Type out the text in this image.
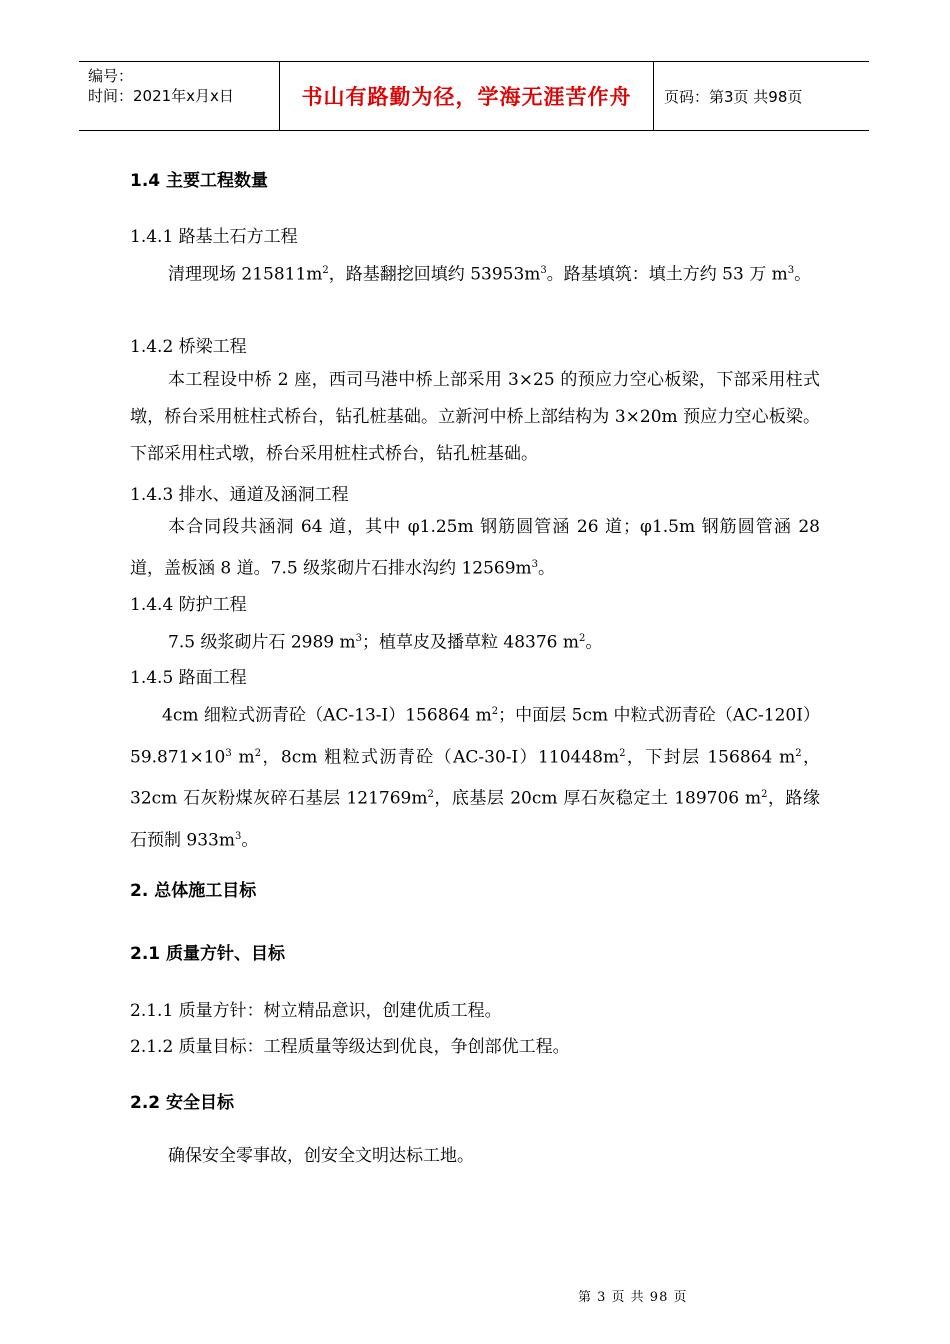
编号：
时间：2021年x月x日	书山有路勤为径，学海无涯苦作舟	页码：第3页 共98页
1.4 主要工程数量
1.4.1 路基土石方工程
清理现场 $215811m^2$，路基翻挖回填约 $53953m^3$。路基填筑：填土方约 53 万 $m^3$。
1.4.2 桥梁工程
本工程设中桥 2 座，西司马港中桥上部采用 3×25 的预应力空心板梁，下部采用柱式墩，桥台采用桩柱式桥台，钻孔桩基础。立新河中桥上部结构为 3×20m 预应力空心板梁。下部采用柱式墩，桥台采用桩柱式桥台，钻孔桩基础。
1.4.3 排水、通道及涵洞工程
本合同段共涵洞 64 道，其中 φ1.25m 钢筋圆管涵 26 道；φ1.5m 钢筋圆管涵 28 道，盖板涵 8 道。7.5 级浆砌片石排水沟约 $12569m^3$。
1.4.4 防护工程
7.5 级浆砌片石 2989 $m^3$；植草皮及播草粒 48376 $m^2$。
1.4.5 路面工程
4cm 细粒式沥青砼（AC-13-I）156864 $m^2$；中面层 5cm 中粒式沥青砼$(AC-120I)59.871\times 10^3$ $m^2$，8cm 粗粒式沥青砼$(AC-30-I)110448m^2$，下封层 156864 $m^2$， 32cm 石灰粉煤灰碎石基层 $121769m^2$，底基层 20cm 厚石灰稳定土 189706 $m^2$，路缘石预制 $933m^3$。
2. 总体施工目标
2.1 质量方针、目标
2.1.1 质量方针：树立精品意识，创建优质工程。
2.1.2 质量目标：工程质量等级达到优良，争创部优工程。
2.2 安全目标
确保安全零事故，创安全文明达标工地。
第 3 页 共 98 页
